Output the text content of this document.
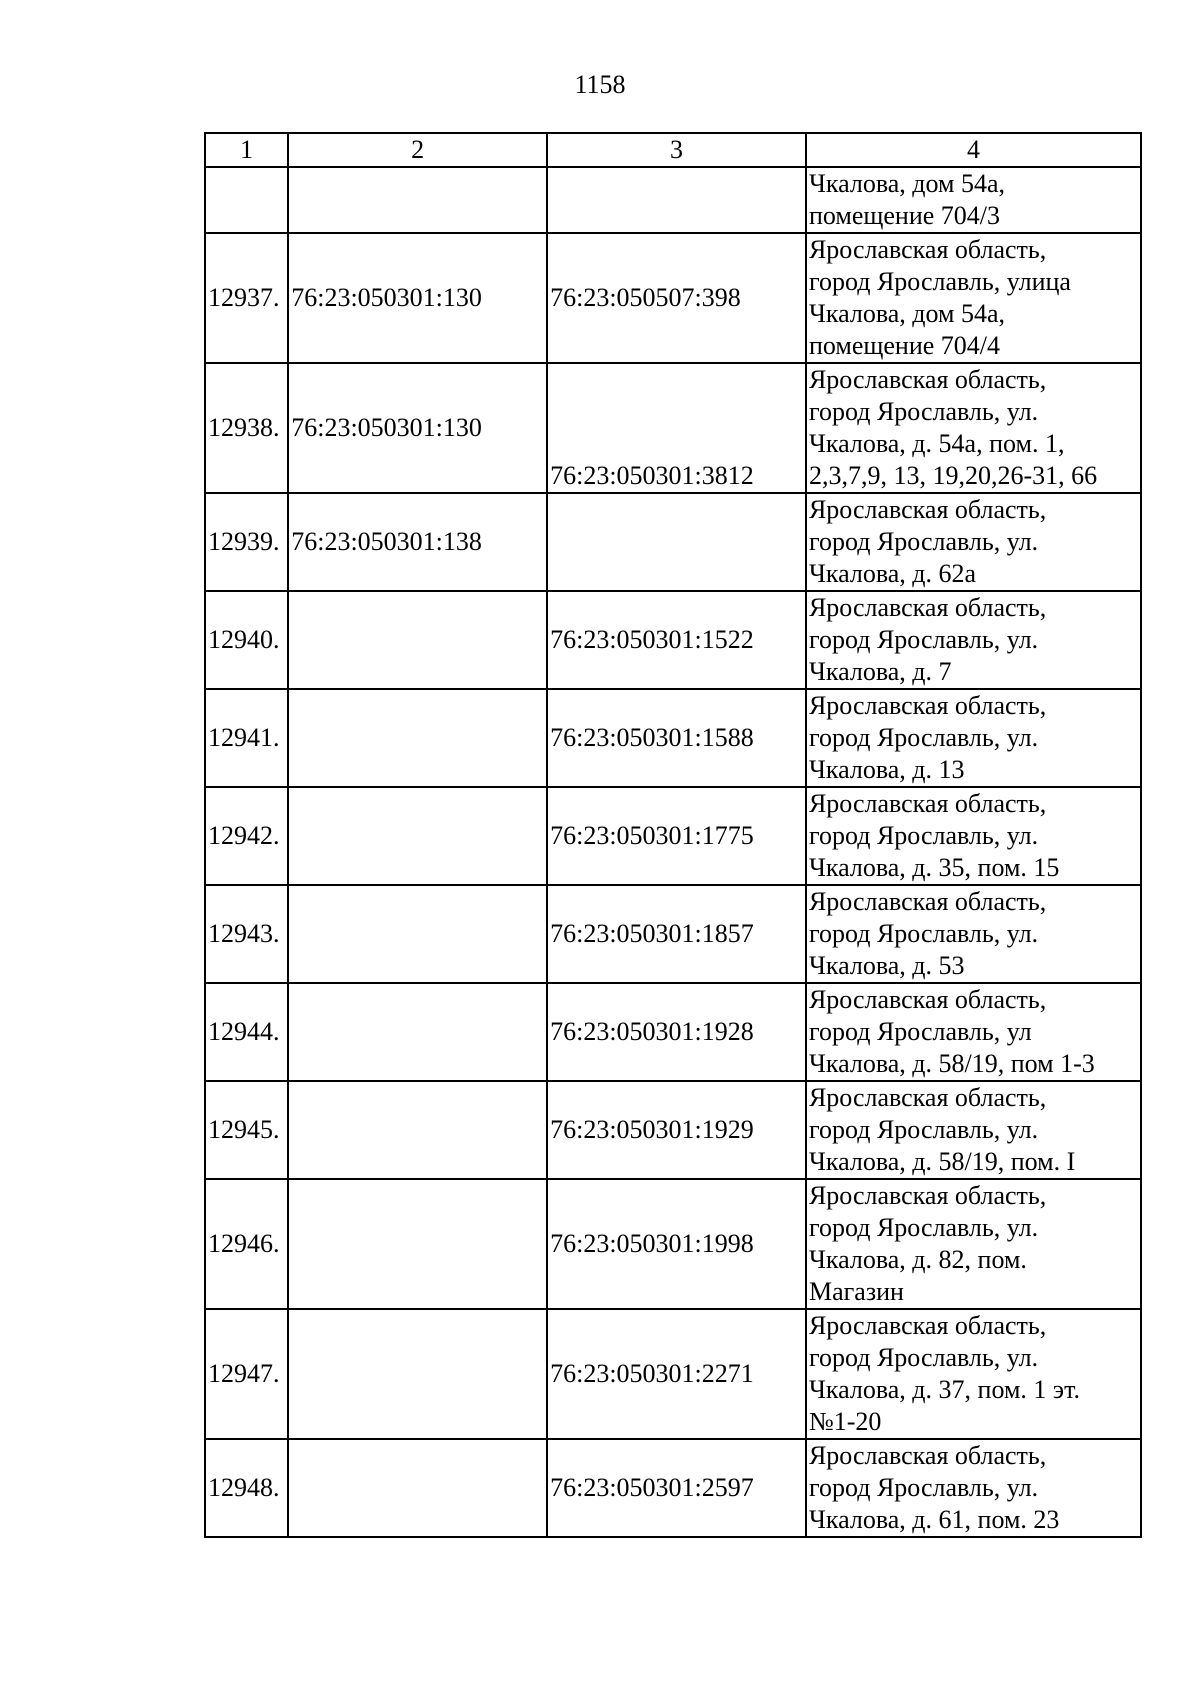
1158
1	2	3	4

			Чкалова, дом 54а,
помещение 704/3

12937.	76:23:050301:130	76:23:050507:398	Ярославская область,
город Ярославль, улица
Чкалова, дом 54а,
помещение 704/4

12938.	76:23:050301:130	76:23:050301:3812	Ярославская область,
город Ярославль, ул.
Чкалова, д. 54а, пом. 1,
2,3,7,9, 13, 19,20,26-31, 66

12939.	76:23:050301:138		Ярославская область,
город Ярославль, ул.
Чкалова, д. 62а

12940.		76:23:050301:1522	Ярославская область,
город Ярославль, ул.
Чкалова, д. 7

12941.		76:23:050301:1588	Ярославская область,
город Ярославль, ул.
Чкалова, д. 13

12942.		76:23:050301:1775	Ярославская область,
город Ярославль, ул.
Чкалова, д. 35, пом. 15

12943.		76:23:050301:1857	Ярославская область,
город Ярославль, ул.
Чкалова, д. 53

12944.		76:23:050301:1928	Ярославская область,
город Ярославль, ул
Чкалова, д. 58/19, пом 1-3

12945.		76:23:050301:1929	Ярославская область,
город Ярославль, ул.
Чкалова, д. 58/19, пом. I

12946.		76:23:050301:1998	Ярославская область,
город Ярославль, ул.
Чкалова, д. 82, пом.
Магазин

12947.		76:23:050301:2271	Ярославская область,
город Ярославль, ул.
Чкалова, д. 37, пом. 1 эт.
№1-20

12948.		76:23:050301:2597	Ярославская область,
город Ярославль, ул.
Чкалова, д. 61, пом. 23
